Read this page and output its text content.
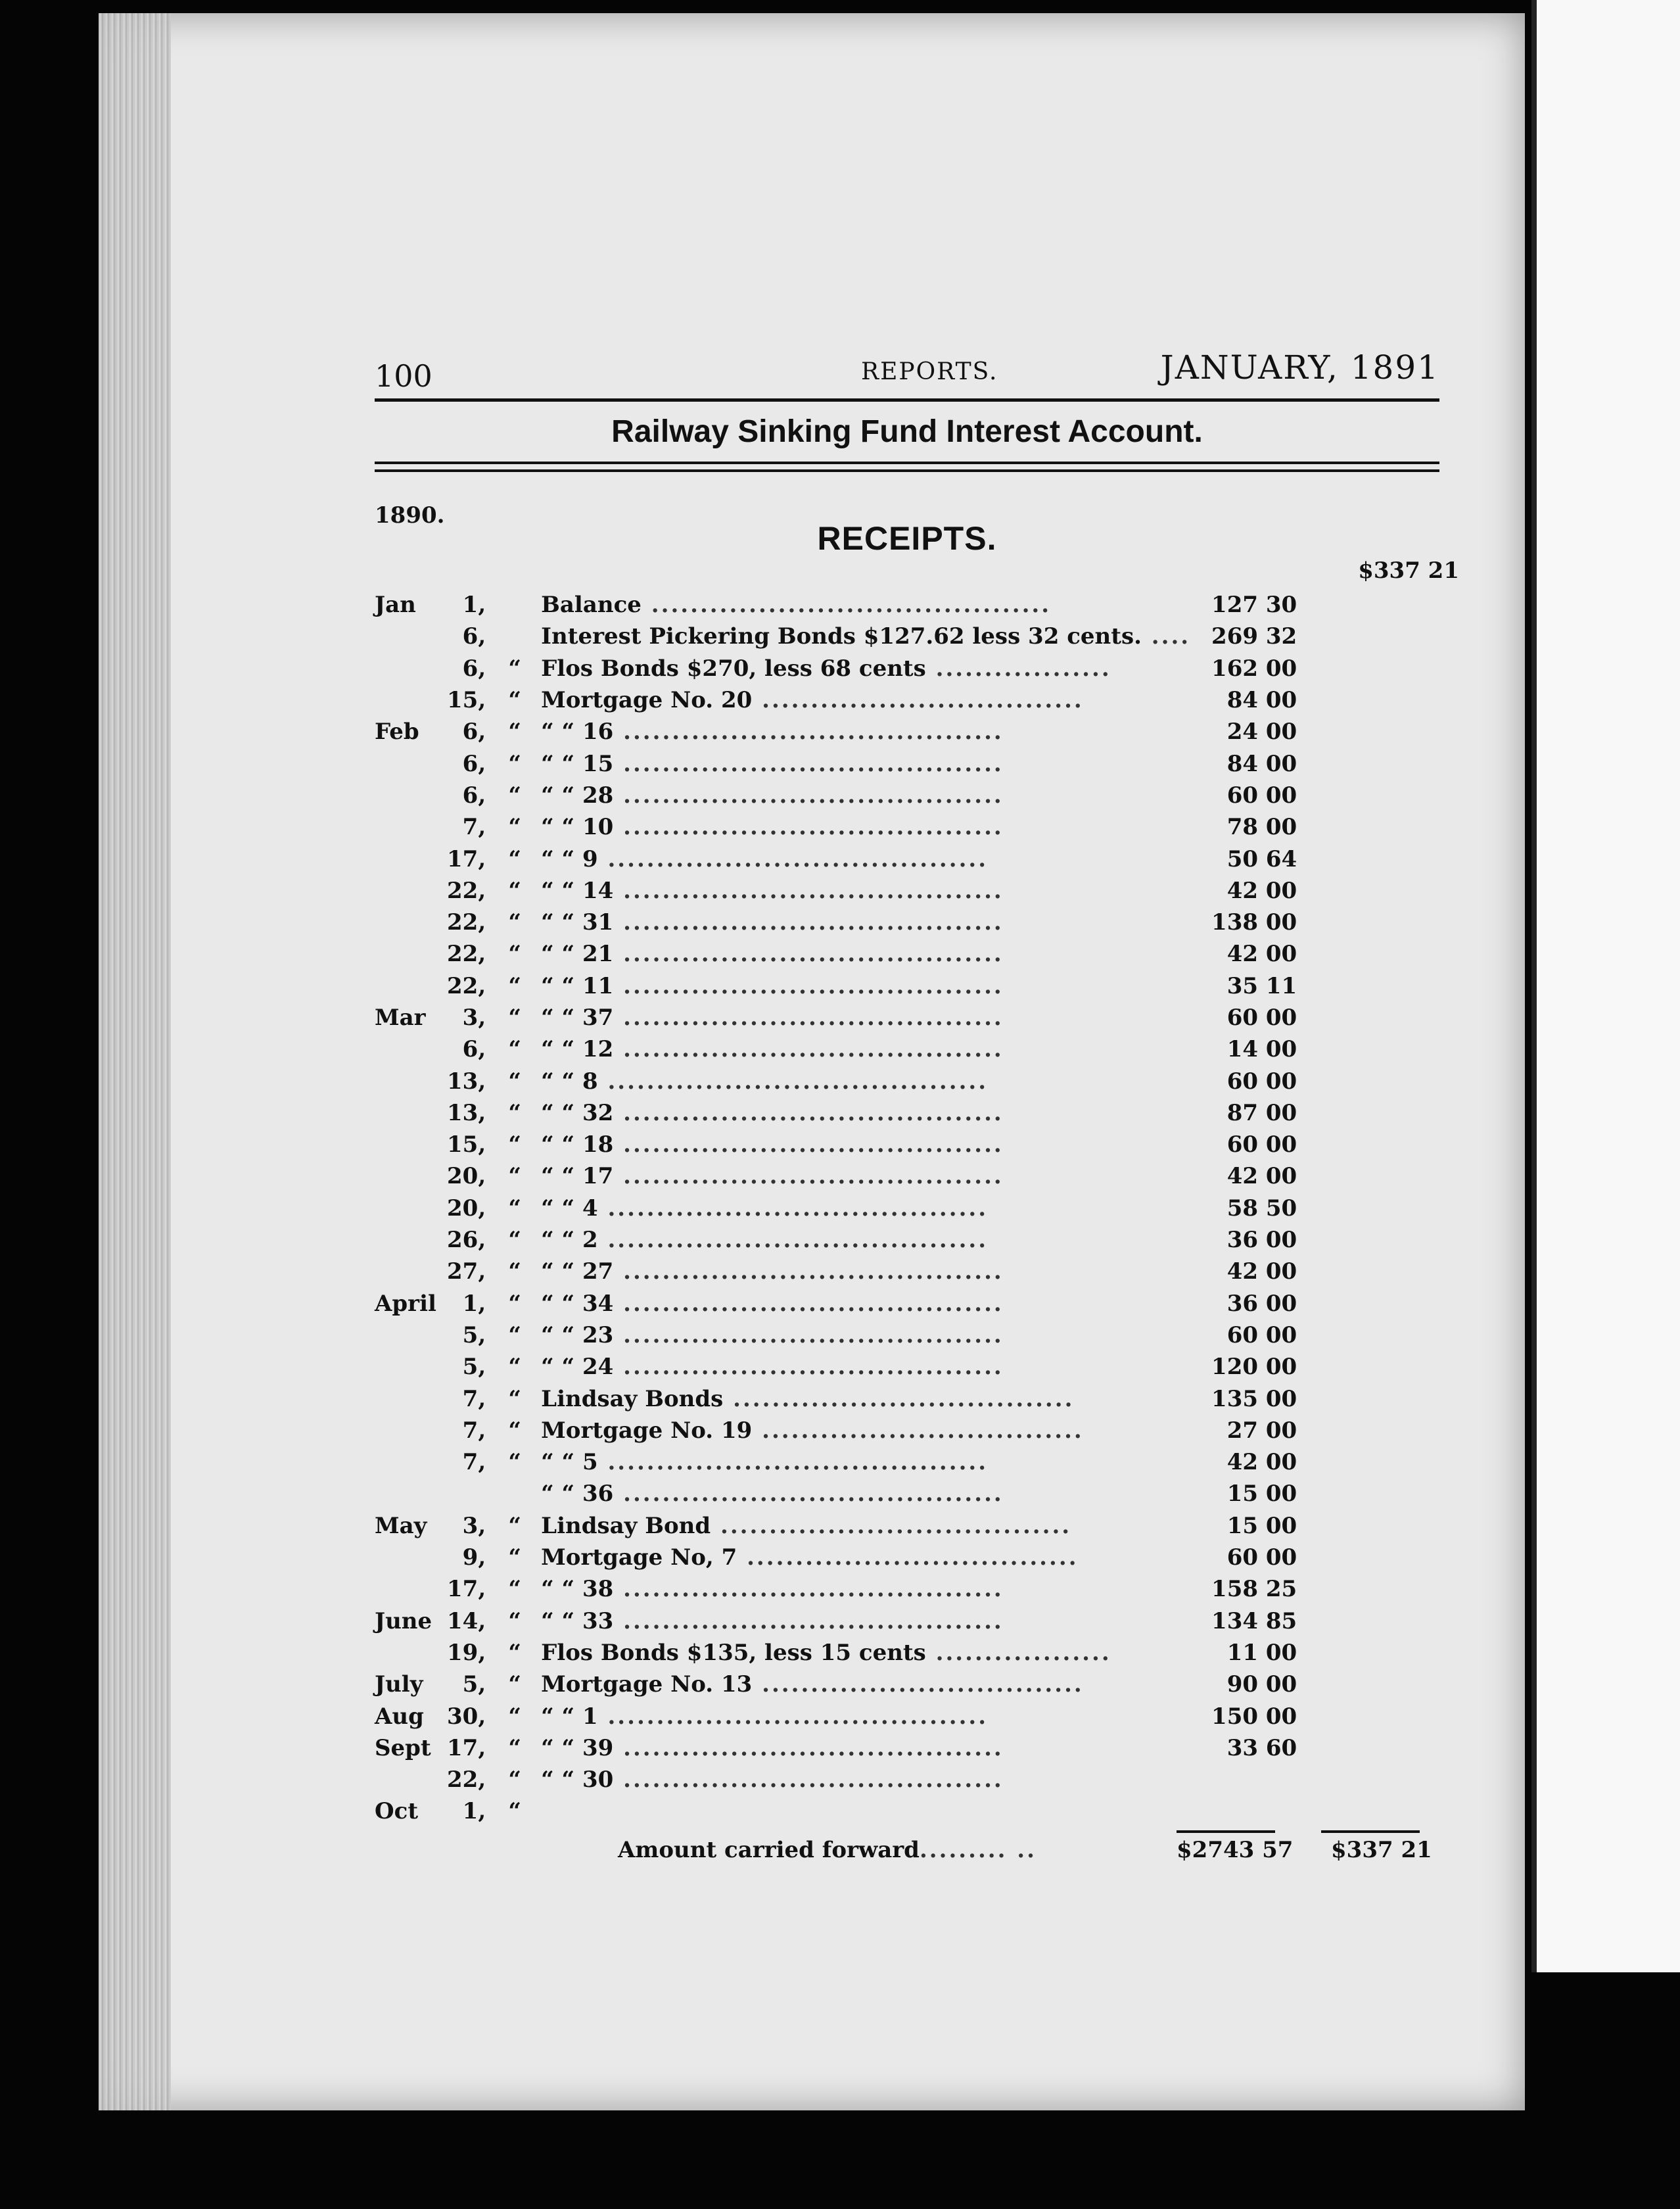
100	REPORTS.	JANUARY, 1891
Railway Sinking Fund Interest Account.
1890.
RECEIPTS.
$337 21
Jan	1,		Balance .........................................	127 30	
	6,		Interest Pickering Bonds $127.62 less 32 cents. ....	269 32	
	6,	“	Flos Bonds $270, less 68 cents ..................	162 00	
	15,	“	Mortgage No. 20 .................................	84 00	
Feb	6,	“	“ “ 16 .......................................	24 00	
	6,	“	“ “ 15 .......................................	84 00	
	6,	“	“ “ 28 .......................................	60 00	
	7,	“	“ “ 10 .......................................	78 00	
	17,	“	“ “ 9 .......................................	50 64	
	22,	“	“ “ 14 .......................................	42 00	
	22,	“	“ “ 31 .......................................	138 00	
	22,	“	“ “ 21 .......................................	42 00	
	22,	“	“ “ 11 .......................................	35 11	
Mar	3,	“	“ “ 37 .......................................	60 00	
	6,	“	“ “ 12 .......................................	14 00	
	13,	“	“ “ 8 .......................................	60 00	
	13,	“	“ “ 32 .......................................	87 00	
	15,	“	“ “ 18 .......................................	60 00	
	20,	“	“ “ 17 .......................................	42 00	
	20,	“	“ “ 4 .......................................	58 50	
	26,	“	“ “ 2 .......................................	36 00	
	27,	“	“ “ 27 .......................................	42 00	
April	1,	“	“ “ 34 .......................................	36 00	
	5,	“	“ “ 23 .......................................	60 00	
	5,	“	“ “ 24 .......................................	120 00	
	7,	“	Lindsay Bonds ...................................	135 00	
	7,	“	Mortgage No. 19 .................................	27 00	
	7,	“	“ “ 5 .......................................	42 00	
			“ “ 36 .......................................	15 00	
May	3,	“	Lindsay Bond ....................................	15 00	
	9,	“	Mortgage No, 7 ..................................	60 00	
	17,	“	“ “ 38 .......................................	158 25	
June	14,	“	“ “ 33 .......................................	134 85	
	19,	“	Flos Bonds $135, less 15 cents ..................	11 00	
July	5,	“	Mortgage No. 13 .................................	90 00	
Aug	30,	“	“ “ 1 .......................................	150 00	
Sept	17,	“	“ “ 39 .......................................	33 60	
	22,	“	“ “ 30 .......................................		
Oct	1,	“			
Amount carried forward......... ..	$2743 57 $337 21
